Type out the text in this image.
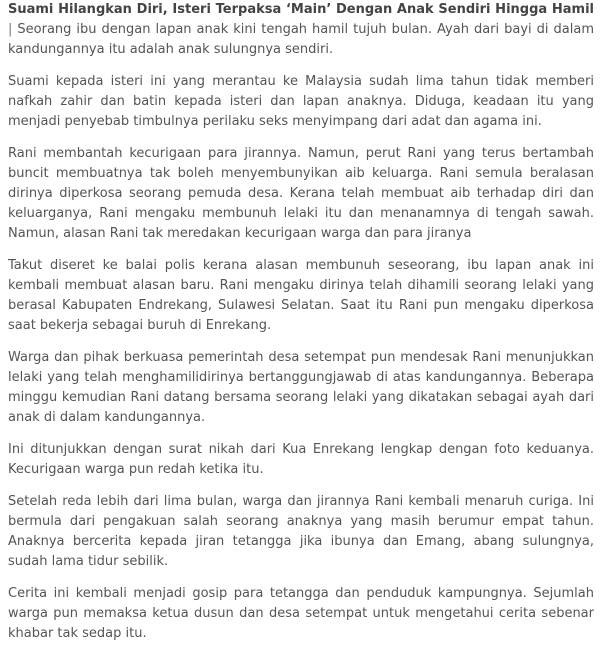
Suami Hilangkan Diri, Isteri Terpaksa ‘Main’ Dengan Anak Sendiri Hingga Hamil | Seorang ibu dengan lapan anak kini tengah hamil tujuh bulan. Ayah dari bayi di dalam kandungannya itu adalah anak sulungnya sendiri.

Suami kepada isteri ini yang merantau ke Malaysia sudah lima tahun tidak memberi nafkah zahir dan batin kepada isteri dan lapan anaknya. Diduga, keadaan itu yang menjadi penyebab timbulnya perilaku seks menyimpang dari adat dan agama ini.

Rani membantah kecurigaan para jirannya. Namun, perut Rani yang terus bertambah buncit membuatnya tak boleh menyembunyikan aib keluarga. Rani semula beralasan dirinya diperkosa seorang pemuda desa. Kerana telah membuat aib terhadap diri dan keluarganya, Rani mengaku membunuh lelaki itu dan menanamnya di tengah sawah. Namun, alasan Rani tak meredakan kecurigaan warga dan para jiranya

Takut diseret ke balai polis kerana alasan membunuh seseorang, ibu lapan anak ini kembali membuat alasan baru. Rani mengaku dirinya telah dihamili seorang lelaki yang berasal Kabupaten Endrekang, Sulawesi Selatan. Saat itu Rani pun mengaku diperkosa saat bekerja sebagai buruh di Enrekang.

Warga dan pihak berkuasa pemerintah desa setempat pun mendesak Rani menunjukkan lelaki yang telah menghamilidirinya bertanggungjawab di atas kandungannya. Beberapa minggu kemudian Rani datang bersama seorang lelaki yang dikatakan sebagai ayah dari anak di dalam kandungannya.

Ini ditunjukkan dengan surat nikah dari Kua Enrekang lengkap dengan foto keduanya. Kecurigaan warga pun redah ketika itu.

Setelah reda lebih dari lima bulan, warga dan jirannya Rani kembali menaruh curiga. Ini bermula dari pengakuan salah seorang anaknya yang masih berumur empat tahun. Anaknya bercerita kepada jiran tetangga jika ibunya dan Emang, abang sulungnya, sudah lama tidur sebilik.

Cerita ini kembali menjadi gosip para tetangga dan penduduk kampungnya. Sejumlah warga pun memaksa ketua dusun dan desa setempat untuk mengetahui cerita sebenar khabar tak sedap itu.
